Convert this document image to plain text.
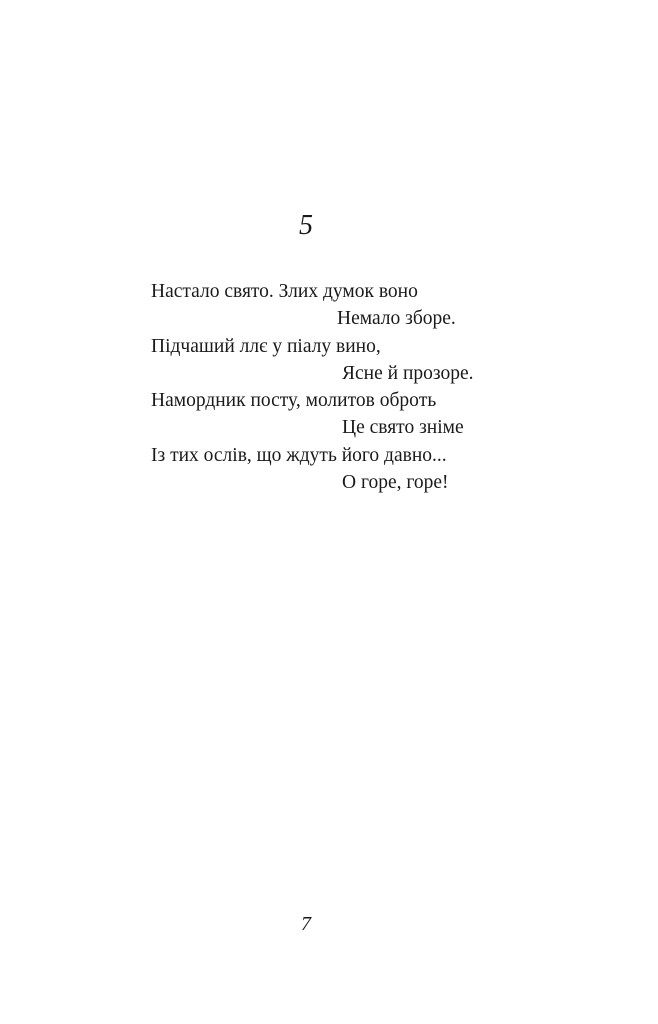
5
Настало свято. Злих думок воно
Немало зборе.
Підчаший ллє у піалу вино,
Ясне й прозоре.
Намордник посту, молитов обрoть
Це свято зніме
Із тих ослів, що ждуть його давно...
О горе, горе!
7
